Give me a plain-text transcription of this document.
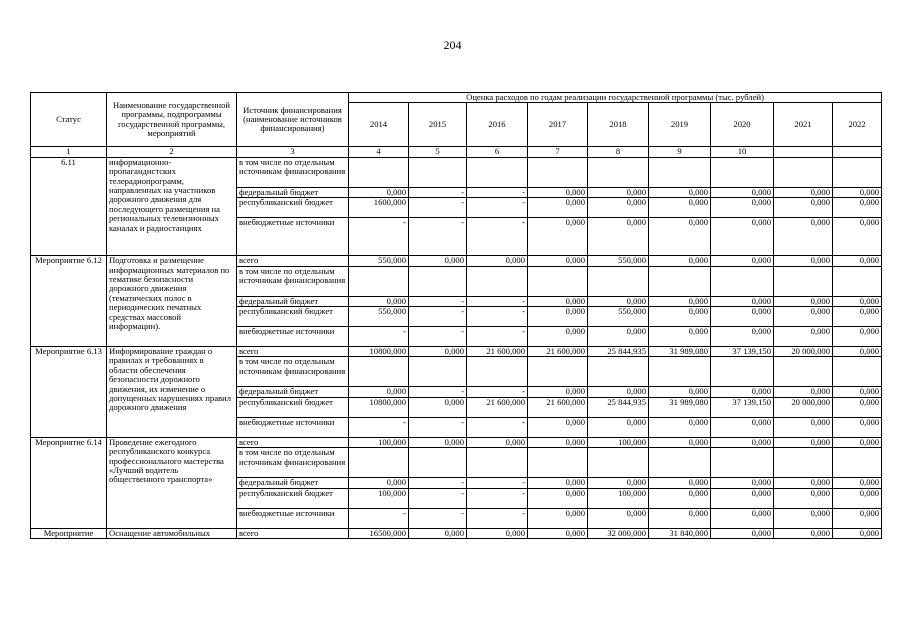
204
Статус	Наименование государственной программы, подпрограммы государственной программы, мероприятий	Источник финансирования (наименование источников финансирования)	Оценка расходов по годам реализации государственной программы (тыс. рублей)								
			2014	2015	2016	2017	2018	2019	2020	2021	2022
1	2	3	4	5	6	7	8	9	10		
6.11	информационно-пропагандистских телерадиопрограмм, направленных на участников дорожного движения для последующего размещения на региональных телевизионных каналах и радиостанциях	в том числе по отдельным источникам финансирования									
		федеральный бюджет	0,000	-	-	0,000	0,000	0,000	0,000	0,000	0,000
		республиканский бюджет	1600,000	-	-	0,000	0,000	0,000	0,000	0,000	0,000
		внебюджетные источники	-	-	-	0,000	0,000	0,000	0,000	0,000	0,000
Мероприятие 6.12	Подготовка и размещение информационных материалов по тематике безопасности дорожного движения (тематических полос в периодических печатных средствах массовой информации).	всего	550,000	0,000	0,000	0,000	550,000	0,000	0,000	0,000	0,000
		в том числе по отдельным источникам финансирования									
		федеральный бюджет	0,000	-	-	0,000	0,000	0,000	0,000	0,000	0,000
		республиканский бюджет	550,000	-	-	0,000	550,000	0,000	0,000	0,000	0,000
		внебюджетные источники	-	-	-	0,000	0,000	0,000	0,000	0,000	0,000
Мероприятие 6.13	Информирование граждан о правилах и требованиях в области обеспечения безопасности дорожного движения, их изменение о допущенных нарушениях правил дорожного движения	всего	10800,000	0,000	21 600,000	21 600,000	25 844,935	31 989,080	37 139,150	20 000,000	0,000
		в том числе по отдельным источникам финансирования									
		федеральный бюджет	0,000	-	-	0,000	0,000	0,000	0,000	0,000	0,000
		республиканский бюджет	10800,000	0,000	21 600,000	21 600,000	25 844,935	31 989,080	37 139,150	20 000,000	0,000
		внебюджетные источники	-	-	-	0,000	0,000	0,000	0,000	0,000	0,000
Мероприятие 6.14	Проведение ежегодного республиканского конкурса профессионального мастерства «Лучший водитель общественного транспорта»	всего	100,000	0,000	0,000	0,000	100,000	0,000	0,000	0,000	0,000
		в том числе по отдельным источникам финансирования									
		федеральный бюджет	0,000	-	-	0,000	0,000	0,000	0,000	0,000	0,000
		республиканский бюджет	100,000	-	-	0,000	100,000	0,000	0,000	0,000	0,000
		внебюджетные источники	-	-	-	0,000	0,000	0,000	0,000	0,000	0,000
Мероприятие	Оснащение автомобильных	всего	16500,000	0,000	0,000	0,000	32 000,000	31 840,000	0,000	0,000	0,000
